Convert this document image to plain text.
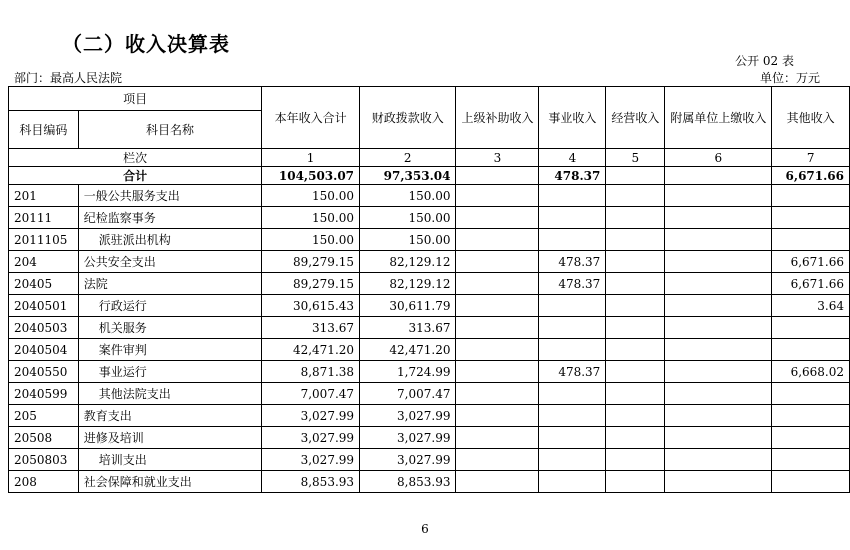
（二）收入决算表
公开 02 表
部门：最高人民法院	单位：万元
项目		本年收入合计	财政拨款收入	上级补助收入	事业收入	经营收入	附属单位上缴收入	其他收入
科目编码	科目名称							
栏次		1	2	3	4	5	6	7
合计		104,503.07	97,353.04		478.37			6,671.66
201	一般公共服务支出	150.00	150.00					
20111	纪检监察事务	150.00	150.00					
2011105	派驻派出机构	150.00	150.00					
204	公共安全支出	89,279.15	82,129.12		478.37			6,671.66
20405	法院	89,279.15	82,129.12		478.37			6,671.66
2040501	行政运行	30,615.43	30,611.79					3.64
2040503	机关服务	313.67	313.67					
2040504	案件审判	42,471.20	42,471.20					
2040550	事业运行	8,871.38	1,724.99		478.37			6,668.02
2040599	其他法院支出	7,007.47	7,007.47					
205	教育支出	3,027.99	3,027.99					
20508	进修及培训	3,027.99	3,027.99					
2050803	培训支出	3,027.99	3,027.99					
208	社会保障和就业支出	8,853.93	8,853.93					
6
